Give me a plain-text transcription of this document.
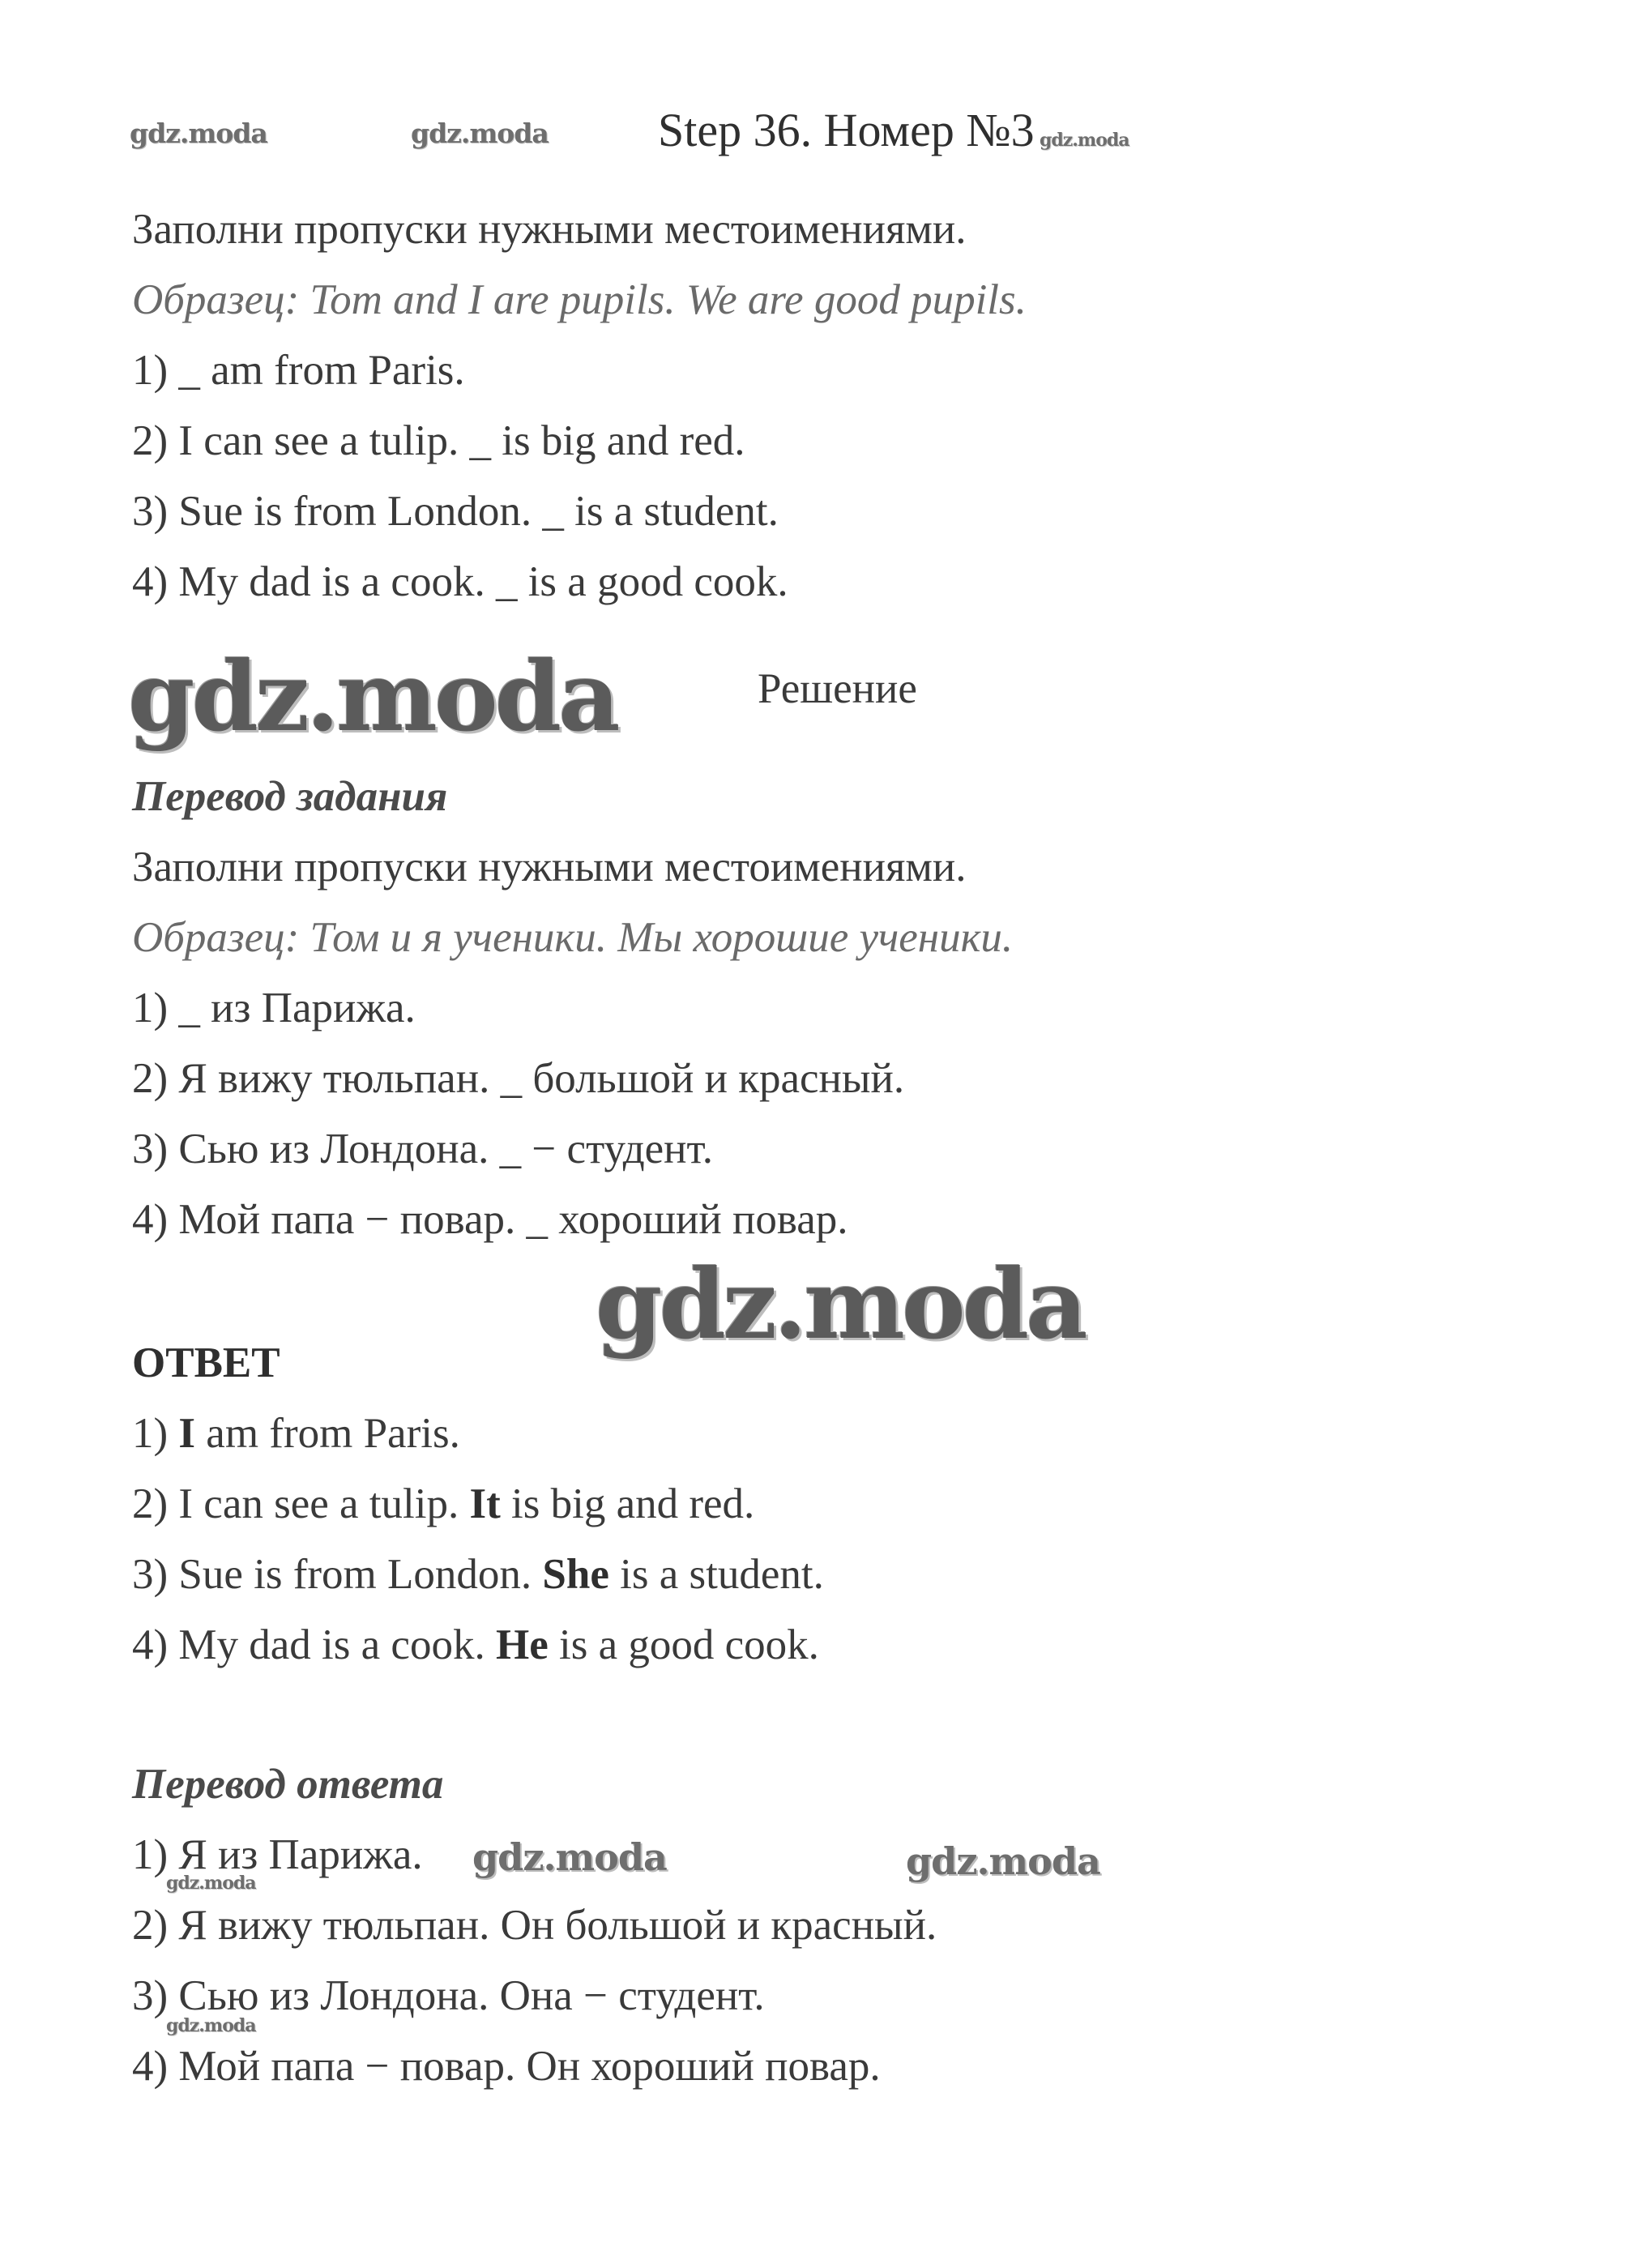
gdz.moda	gdz.moda Step 36. Номер №3 gdz.moda
Заполни пропуски нужными местоимениями.
Образец: Tom and I are pupils. We are good pupils.
1) _ am from Paris.
2) I can see a tulip. _ is big and red.
3) Sue is from London. _ is a student.
4) My dad is a cook. _ is a good cook.
gdz.moda	Решение
Перевод задания
Заполни пропуски нужными местоимениями.
Образец: Том и я ученики. Мы хорошие ученики.
1) _ из Парижа.
2) Я вижу тюльпан. _ большой и красный.
3) Сью из Лондона. _ − студент.
4) Мой папа − повар. _ хороший повар.
gdz.moda
ОТВЕТ
1) I am from Paris.
2) I can see a tulip. It is big and red.
3) Sue is from London. She is a student.
4) My dad is a cook. He is a good cook.
Перевод ответа
1) Я из Парижа. gdz.moda	gdz.moda
gdz.moda
2) Я вижу тюльпан. Он большой и красный.
3) Сью из Лондона. Она − студент.
gdz.moda
4) Мой папа − повар. Он хороший повар.
